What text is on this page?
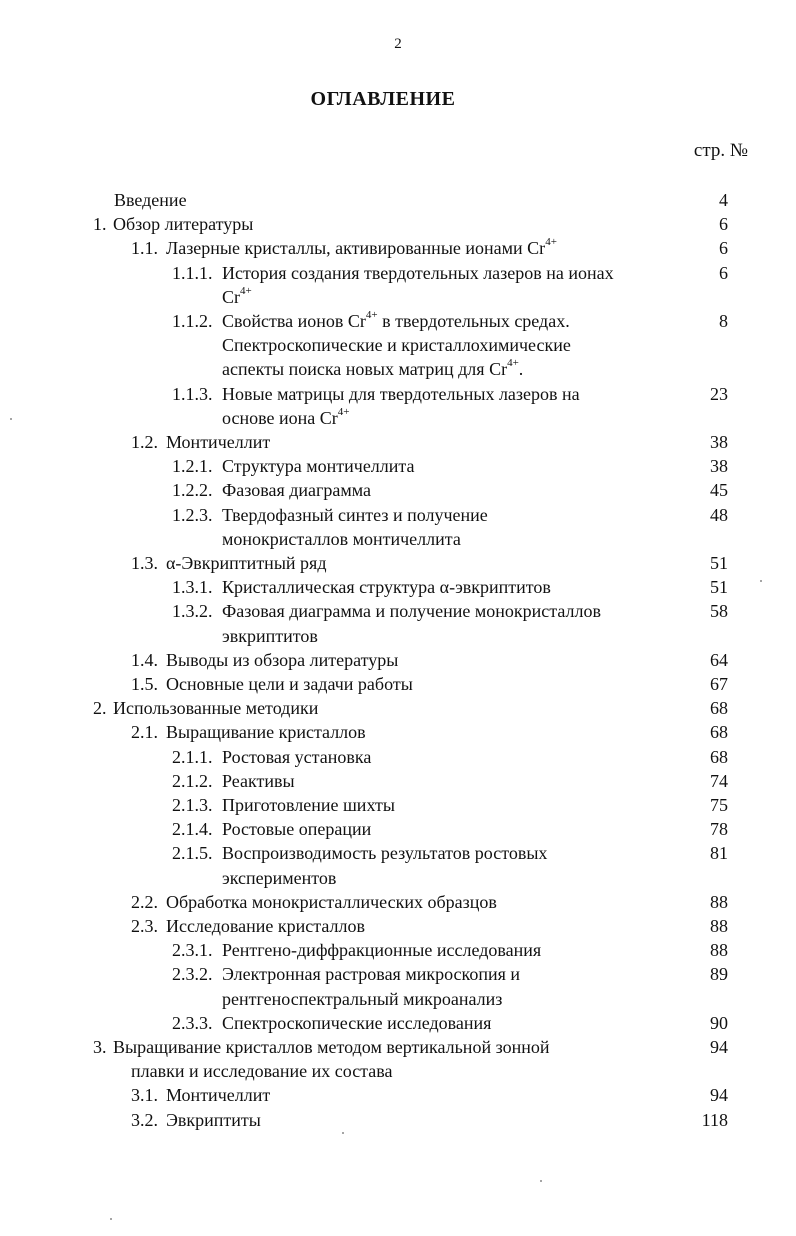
2
ОГЛАВЛЕНИЕ
стр. №
Введение	4
1. Обзор литературы	6
1.1. Лазерные кристаллы, активированные ионами $Cr^{4+}$	6
1.1.1. История создания твердотельных лазеров на ионах	6
$Cr^{4+}$
1.1.2. Свойства ионов $Cr^{4+}$ в твердотельных средах.	8
Спектроскопические и кристаллохимические
аспекты поиска новых матриц для $Cr^{4+}$.
1.1.3. Новые матрицы для твердотельных лазеров на	23
основе иона $Cr^{4+}$
1.2. Монтичеллит	38
1.2.1. Структура монтичеллита	38
1.2.2. Фазовая диаграмма	45
1.2.3. Твердофазный синтез и получение	48
монокристаллов монтичеллита
1.3. α-Эвкриптитный ряд	51
1.3.1. Кристаллическая структура α-эвкриптитов	51
1.3.2. Фазовая диаграмма и получение монокристаллов	58
эвкриптитов
1.4. Выводы из обзора литературы	64
1.5. Основные цели и задачи работы	67
2. Использованные методики	68
2.1. Выращивание кристаллов	68
2.1.1. Ростовая установка	68
2.1.2. Реактивы	74
2.1.3. Приготовление шихты	75
2.1.4. Ростовые операции	78
2.1.5. Воспроизводимость результатов ростовых	81
экспериментов
2.2. Обработка монокристаллических образцов	88
2.3. Исследование кристаллов	88
2.3.1. Рентгено-диффракционные исследования	88
2.3.2. Электронная растровая микроскопия и	89
рентгеноспектральный микроанализ
2.3.3. Спектроскопические исследования	90
3. Выращивание кристаллов методом вертикальной зонной	94
плавки и исследование их состава
3.1. Монтичеллит	94
3.2. Эвкриптиты	118
